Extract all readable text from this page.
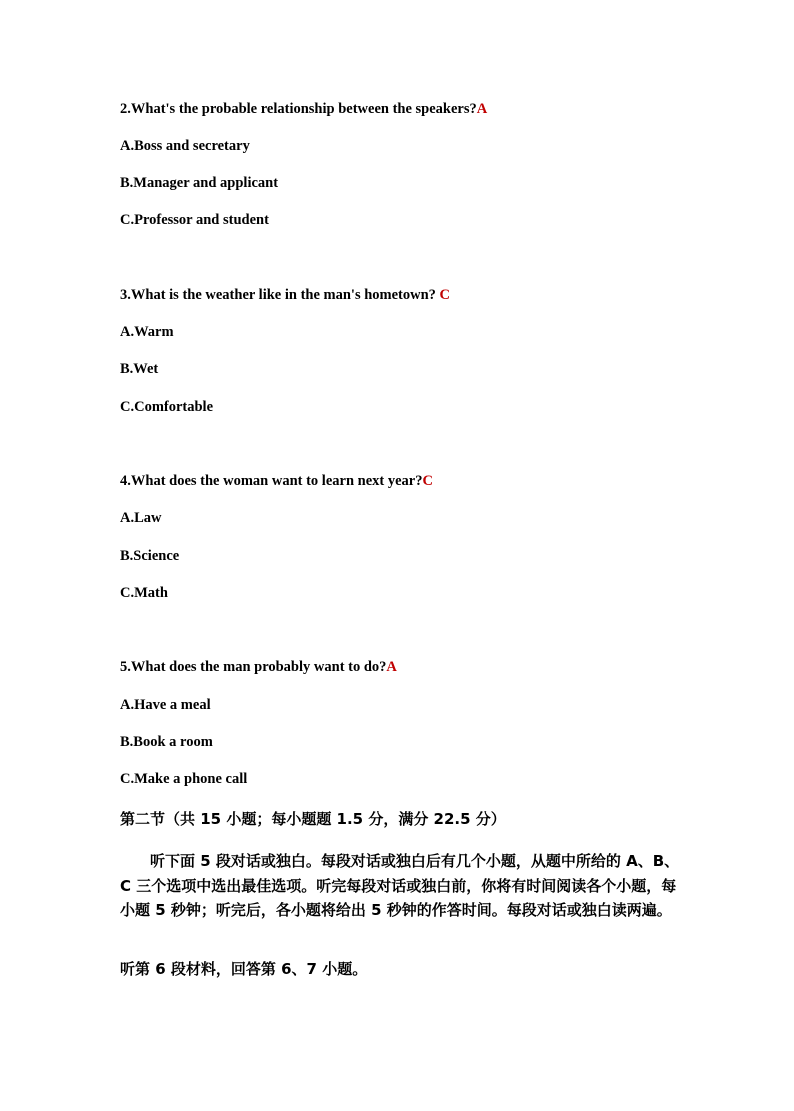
2.What's the probable relationship between the speakers?A
A.Boss and secretary
B.Manager and applicant
C.Professor and student
3.What is the weather like in the man's hometown? C
A.Warm
B.Wet
C.Comfortable
4.What does the woman want to learn next year?C
A.Law
B.Science
C.Math
5.What does the man probably want to do?A
A.Have a meal
B.Book a room
C.Make a phone call
第二节（共 15 小题；每小题题 1.5 分，满分 22.5 分）
听下面 5 段对话或独白。每段对话或独白后有几个小题，从题中所给的 A、B、C 三个选项中选出最佳选项。听完每段对话或独白前，你将有时间阅读各个小题，每小题 5 秒钟；听完后，各小题将给出 5 秒钟的作答时间。每段对话或独白读两遍。
听第 6 段材料，回答第 6、7 小题。
